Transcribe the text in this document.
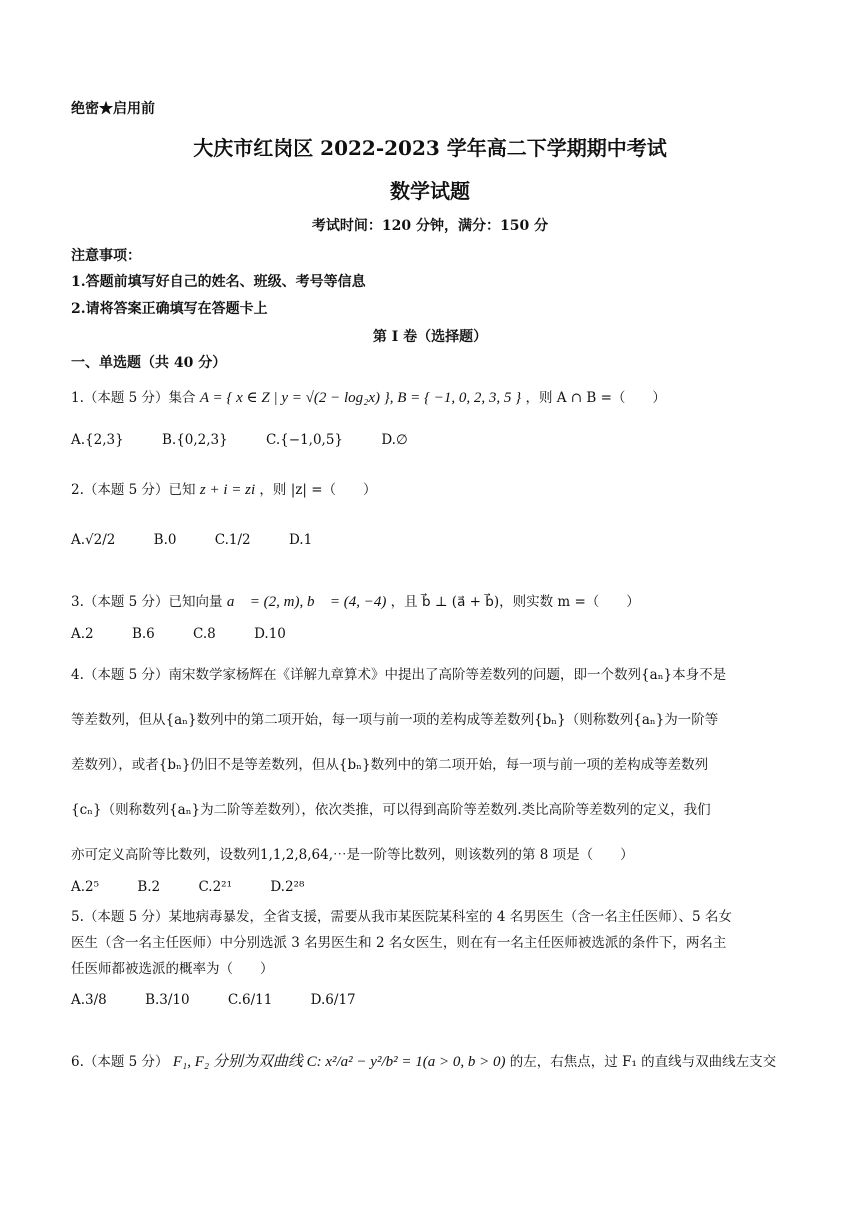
绝密★启用前
大庆市红岗区 2022-2023 学年高二下学期期中考试
数学试题
考试时间：120 分钟，满分：150 分
注意事项：
1.答题前填写好自己的姓名、班级、考号等信息
2.请将答案正确填写在答题卡上
第 I 卷（选择题）
一、单选题（共 40 分）
1.（本题 5 分）集合 A = { x ∈ Z | y = √(2 − log₂x) }, B = { −1, 0, 2, 3, 5 } ，则 A ∩ B =（　　）
A.{2,3}	B.{0,2,3}	C.{−1,0,5}	D.∅
2.（本题 5 分）已知 z + i = zi ，则 |z| =（　　）
A.√2/2	B.0	C.1/2	D.1
3.（本题 5 分）已知向量 a⃗ = (2, m), b⃗ = (4, −4) ，且 b⃗ ⊥ (a⃗ + b⃗)，则实数 m =（　　）
A.2	B.6	C.8	D.10
4.（本题 5 分）南宋数学家杨辉在《详解九章算术》中提出了高阶等差数列的问题，即一个数列{aₙ}本身不是
等差数列，但从{aₙ}数列中的第二项开始，每一项与前一项的差构成等差数列{bₙ}（则称数列{aₙ}为一阶等
差数列），或者{bₙ}仍旧不是等差数列，但从{bₙ}数列中的第二项开始，每一项与前一项的差构成等差数列
{cₙ}（则称数列{aₙ}为二阶等差数列），依次类推，可以得到高阶等差数列.类比高阶等差数列的定义，我们
亦可定义高阶等比数列，设数列1,1,2,8,64,⋯是一阶等比数列，则该数列的第 8 项是（　　）
A.2⁵	B.2	C.2²¹	D.2²⁸
5.（本题 5 分）某地病毒暴发，全省支援，需要从我市某医院某科室的 4 名男医生（含一名主任医师）、5 名女
医生（含一名主任医师）中分别选派 3 名男医生和 2 名女医生，则在有一名主任医师被选派的条件下，两名主
任医师都被选派的概率为（　　）
A.3/8	B.3/10	C.6/11	D.6/17
6.（本题 5 分） F₁, F₂ 分别为双曲线 C: x²/a² − y²/b² = 1(a > 0, b > 0) 的左，右焦点，过 F₁ 的直线与双曲线左支交
